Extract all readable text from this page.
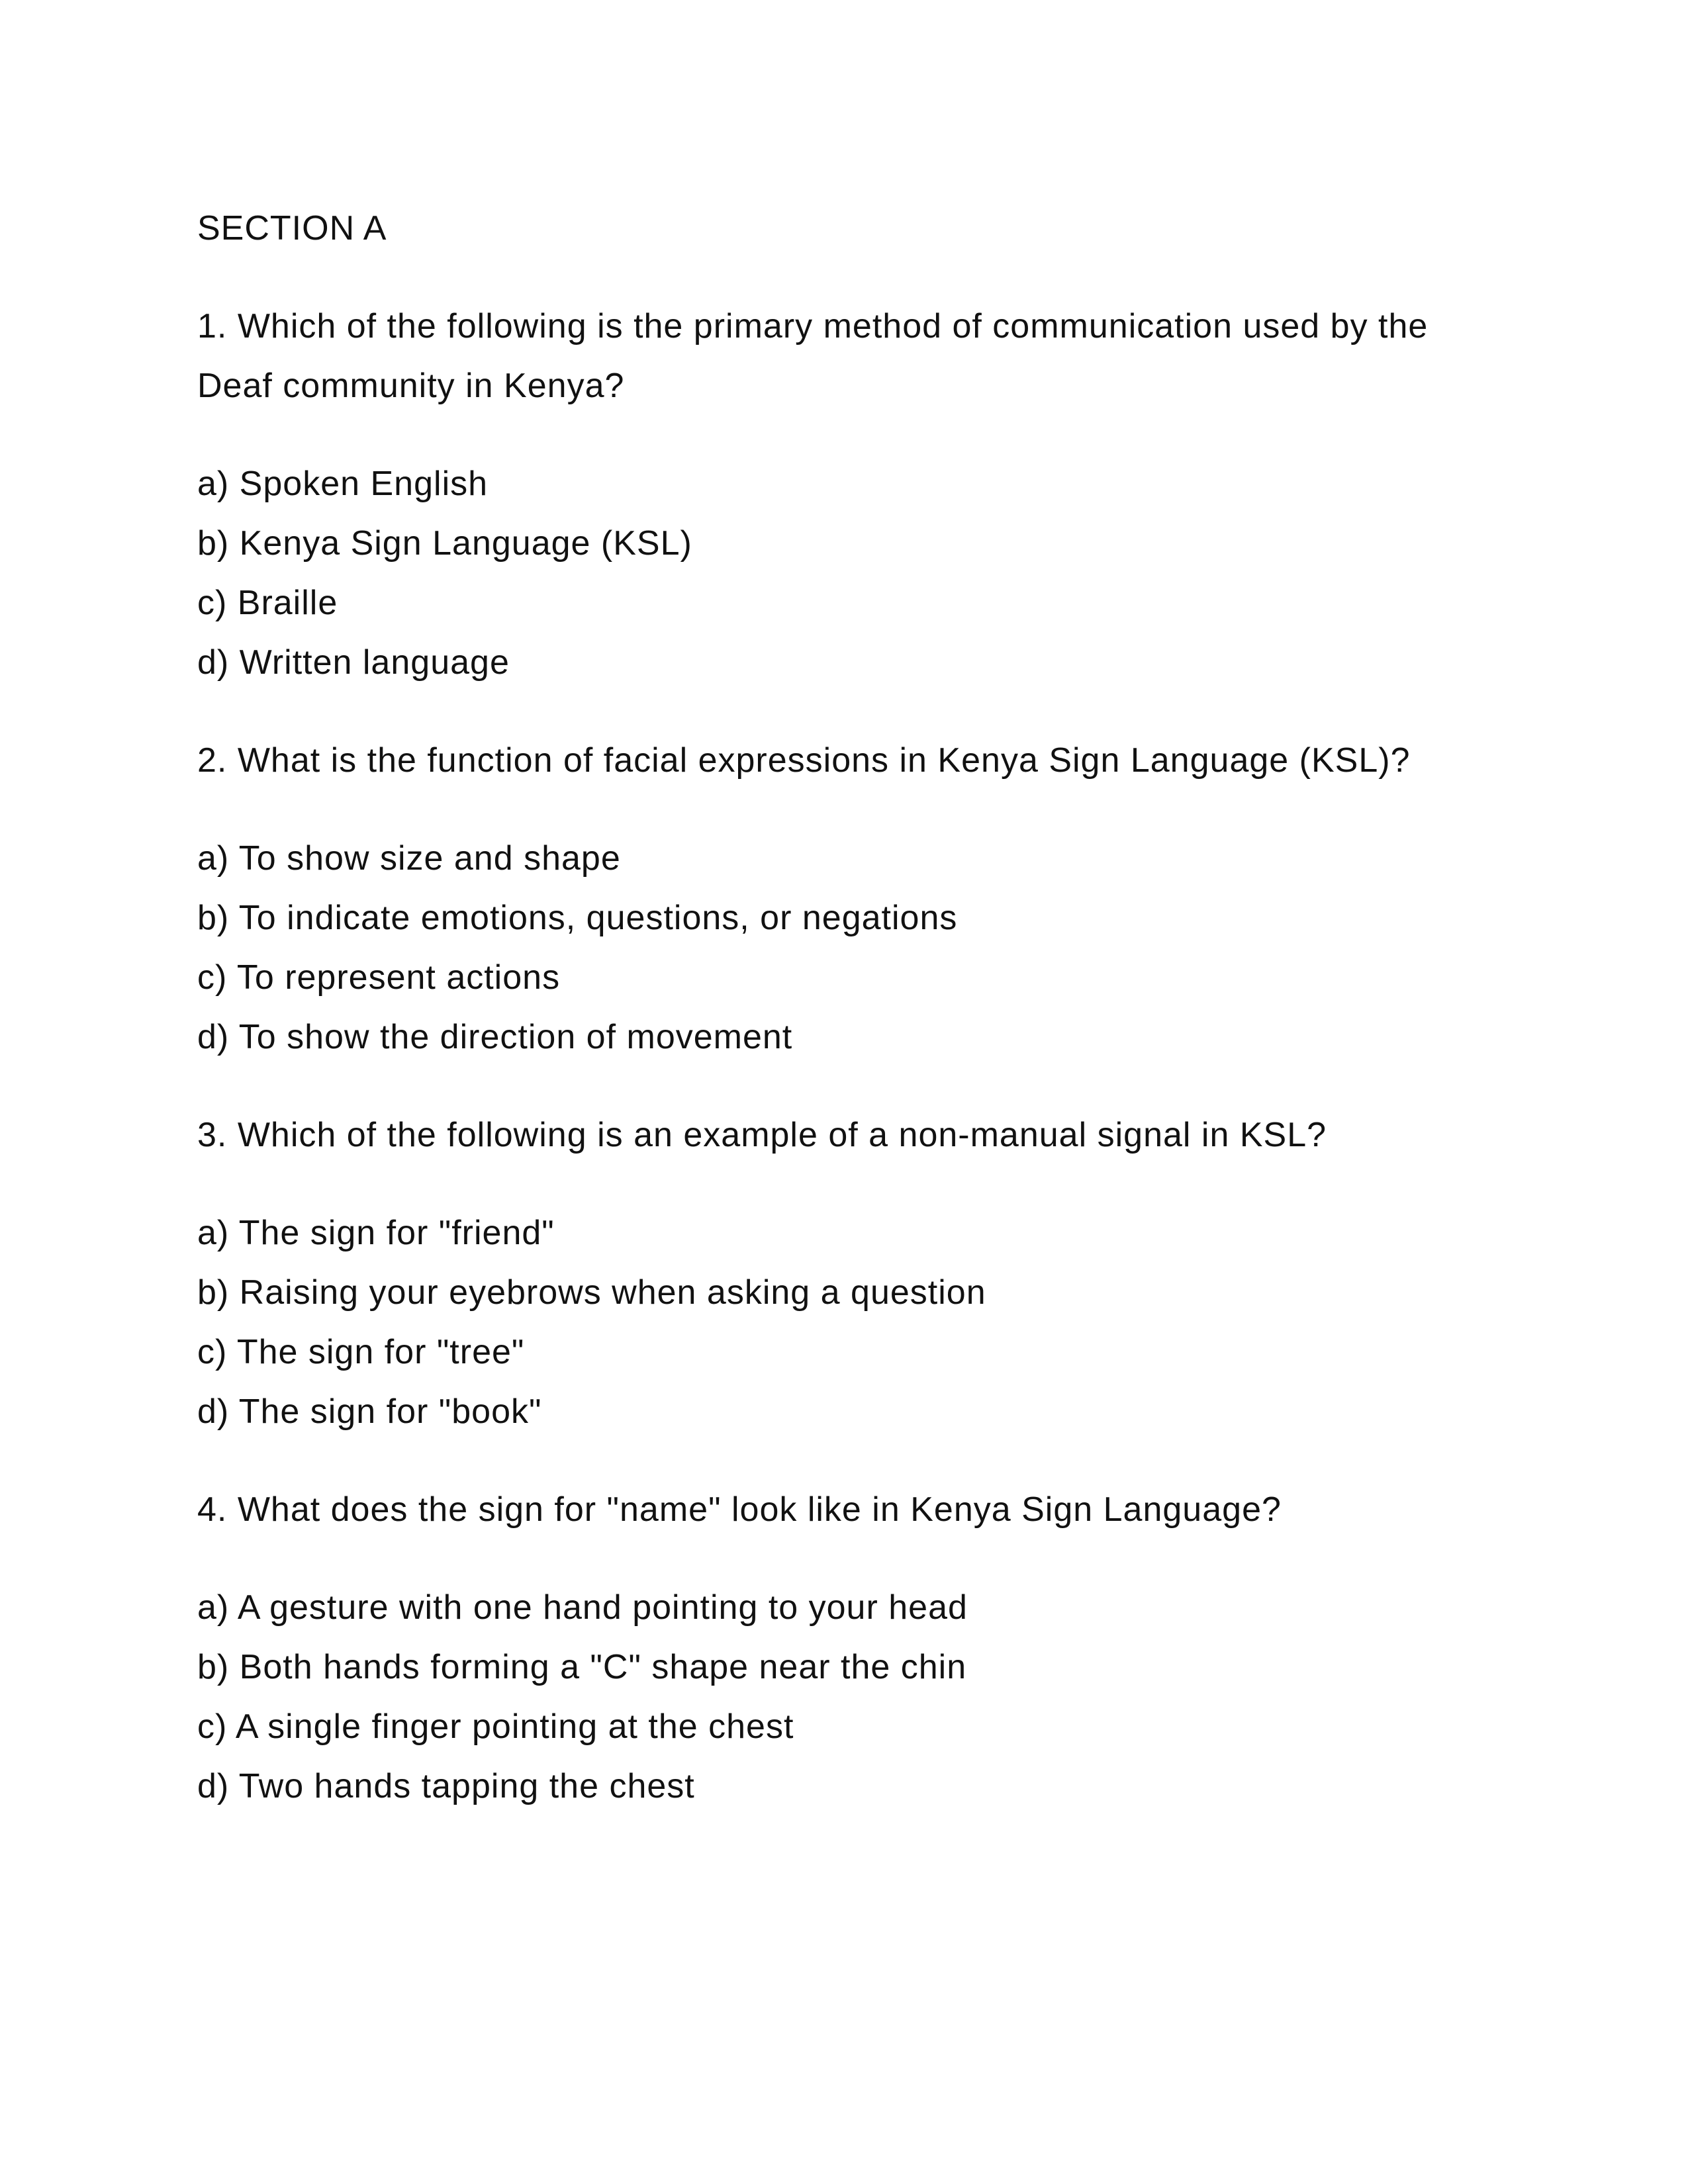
SECTION A
1. Which of the following is the primary method of communication used by the Deaf community in Kenya?
a) Spoken English
b) Kenya Sign Language (KSL)
c) Braille
d) Written language
2. What is the function of facial expressions in Kenya Sign Language (KSL)?
a) To show size and shape
b) To indicate emotions, questions, or negations
c) To represent actions
d) To show the direction of movement
3. Which of the following is an example of a non-manual signal in KSL?
a) The sign for "friend"
b) Raising your eyebrows when asking a question
c) The sign for "tree"
d) The sign for "book"
4. What does the sign for "name" look like in Kenya Sign Language?
a) A gesture with one hand pointing to your head
b) Both hands forming a "C" shape near the chin
c) A single finger pointing at the chest
d) Two hands tapping the chest
